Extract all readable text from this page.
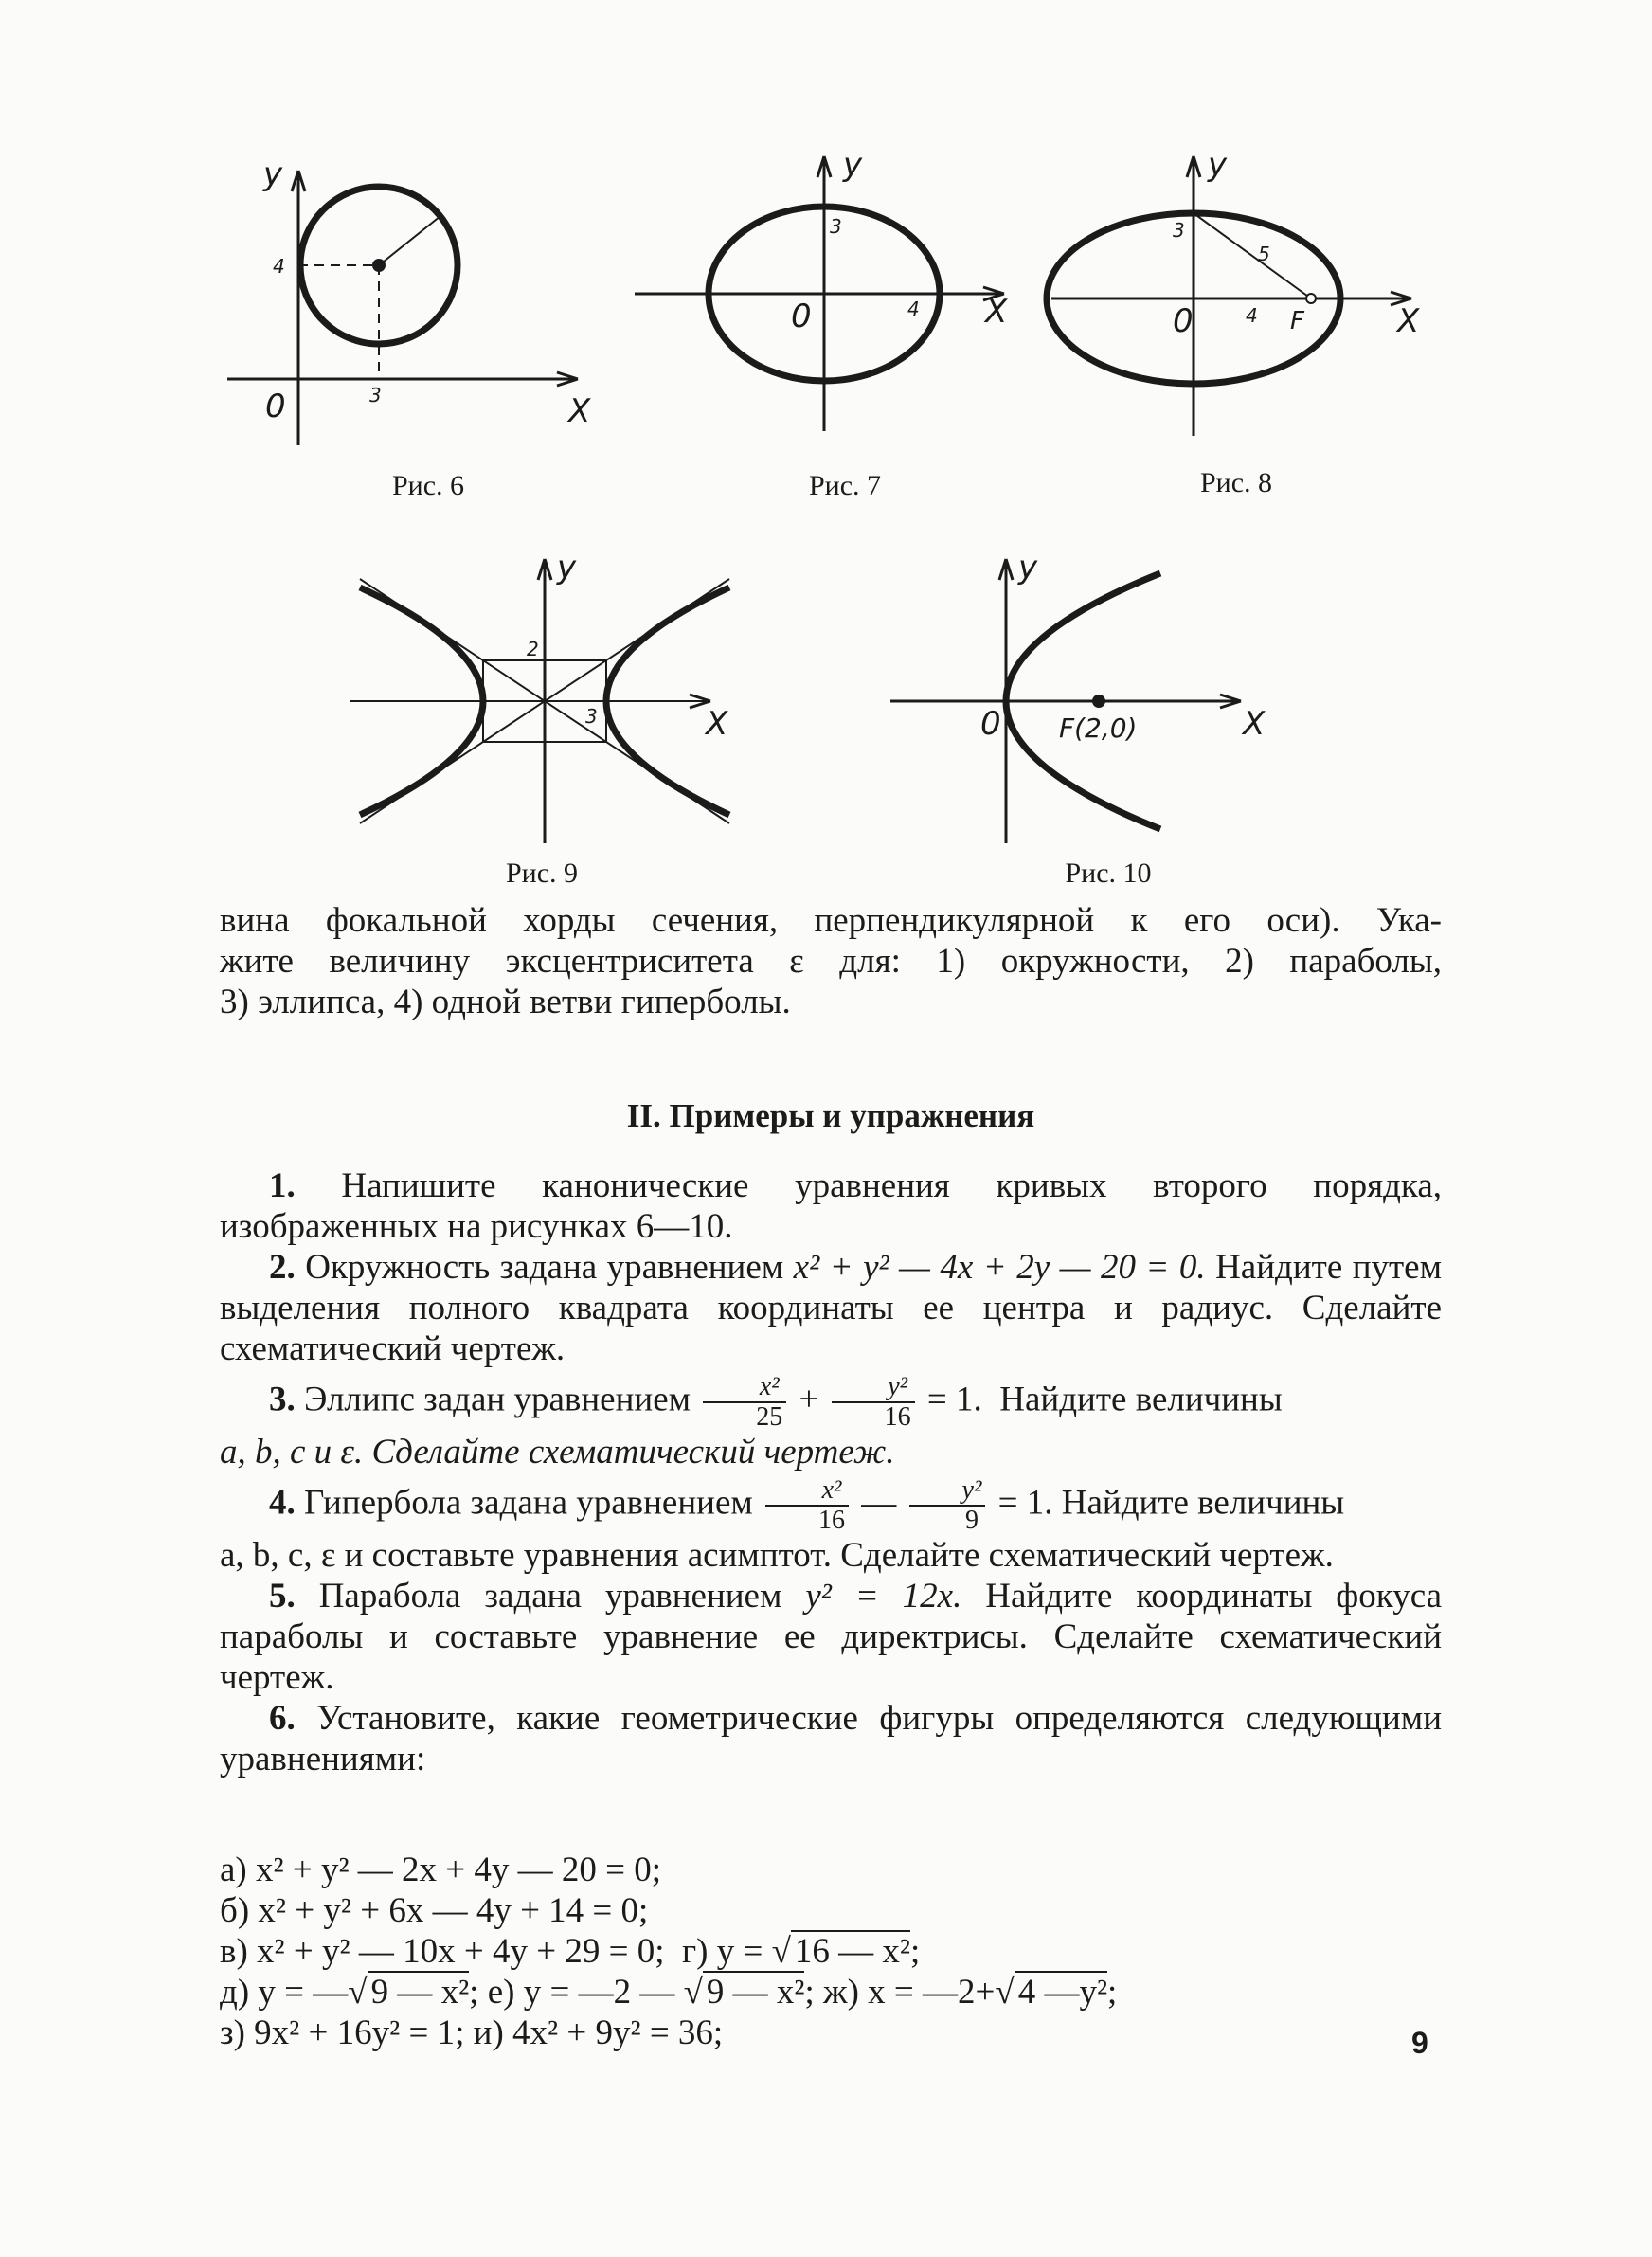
X
y
0
4
3
Рис. 6
y
X
0
3
4
Рис. 7
y
X
0
3
5
4 F
Рис. 8
y
X
2
3
Рис. 9
y
X
0 F(2,0)
Рис. 10

вина фокальной хорды сечения, перпендикулярной к его оси). Ука-

жите величину эксцентриситета ε для: 1) окружности, 2) параболы,

3) эллипса, 4) одной ветви гиперболы.

II. Примеры и упражнения

1. Напишите канонические уравнения кривых второго порядка, изображенных на рисунках 6—10.

2. Окружность задана уравнением x² + y² — 4x + 2y — 20 = 0. Найдите путем выделения полного квадрата координаты ее центра и радиус. Сделайте схематический чертеж.

3. Эллипс задан уравнением $\frac{\text{x²}}{25} + \frac{\text{y²}}{16} = 1$. Найдите величины

a, b, c и ε. Сделайте схематический чертеж.

4. Гипербола задана уравнением $\frac{\text{x²}}{16}$ — $\frac{\text{y²}}{9} = 1$. Найдите величины

a, b, c, ε и составьте уравнения асимптот. Сделайте схематический чертеж.

5. Парабола задана уравнением y² = 12x. Найдите координаты фокуса параболы и составьте уравнение ее директрисы. Сделайте схематический чертеж.

6. Установите, какие геометрические фигуры определяются следующими уравнениями:

а) x² + y² — 2x + 4y — 20 = 0;
б) x² + y² + 6x — 4y + 14 = 0;
в) x² + y² — 10x + 4y + 29 = 0; г) y = √ 16 — x²;
д) y = —√ 9 — x²; е) y = —2 — √ 9 — x²; ж) x = —2+√ 4 —y²;
з) 9x² + 16y² = 1; и) 4x² + 9y² = 36;	9
